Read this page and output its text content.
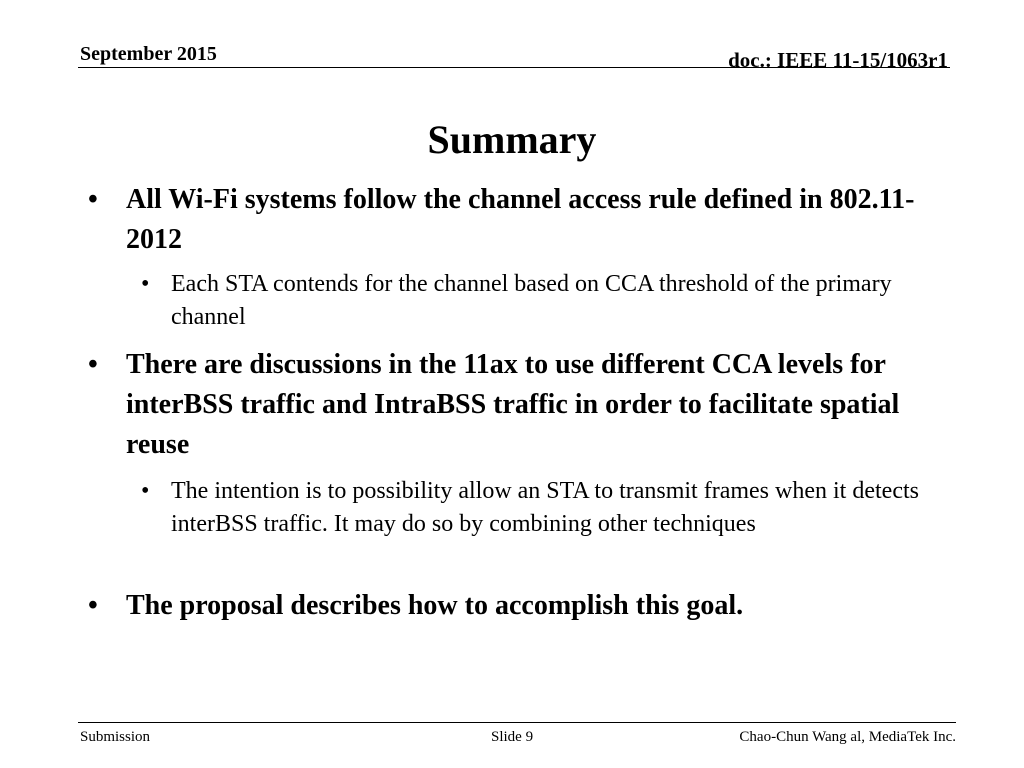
September 2015	doc.: IEEE 11-15/1063r1
Summary
•	All Wi-Fi systems follow the channel access rule defined in 802.11-2012
• Each STA contends for the channel based on CCA threshold of the primary channel
•	There are discussions in the 11ax to use different CCA levels for interBSS traffic and IntraBSS traffic in order to facilitate spatial reuse
• The intention is to possibility allow an STA to transmit frames when it detects interBSS traffic. It may do so by combining other techniques
•	The proposal describes how to accomplish this goal.
Submission	Slide 9	Chao-Chun Wang al, MediaTek Inc.
